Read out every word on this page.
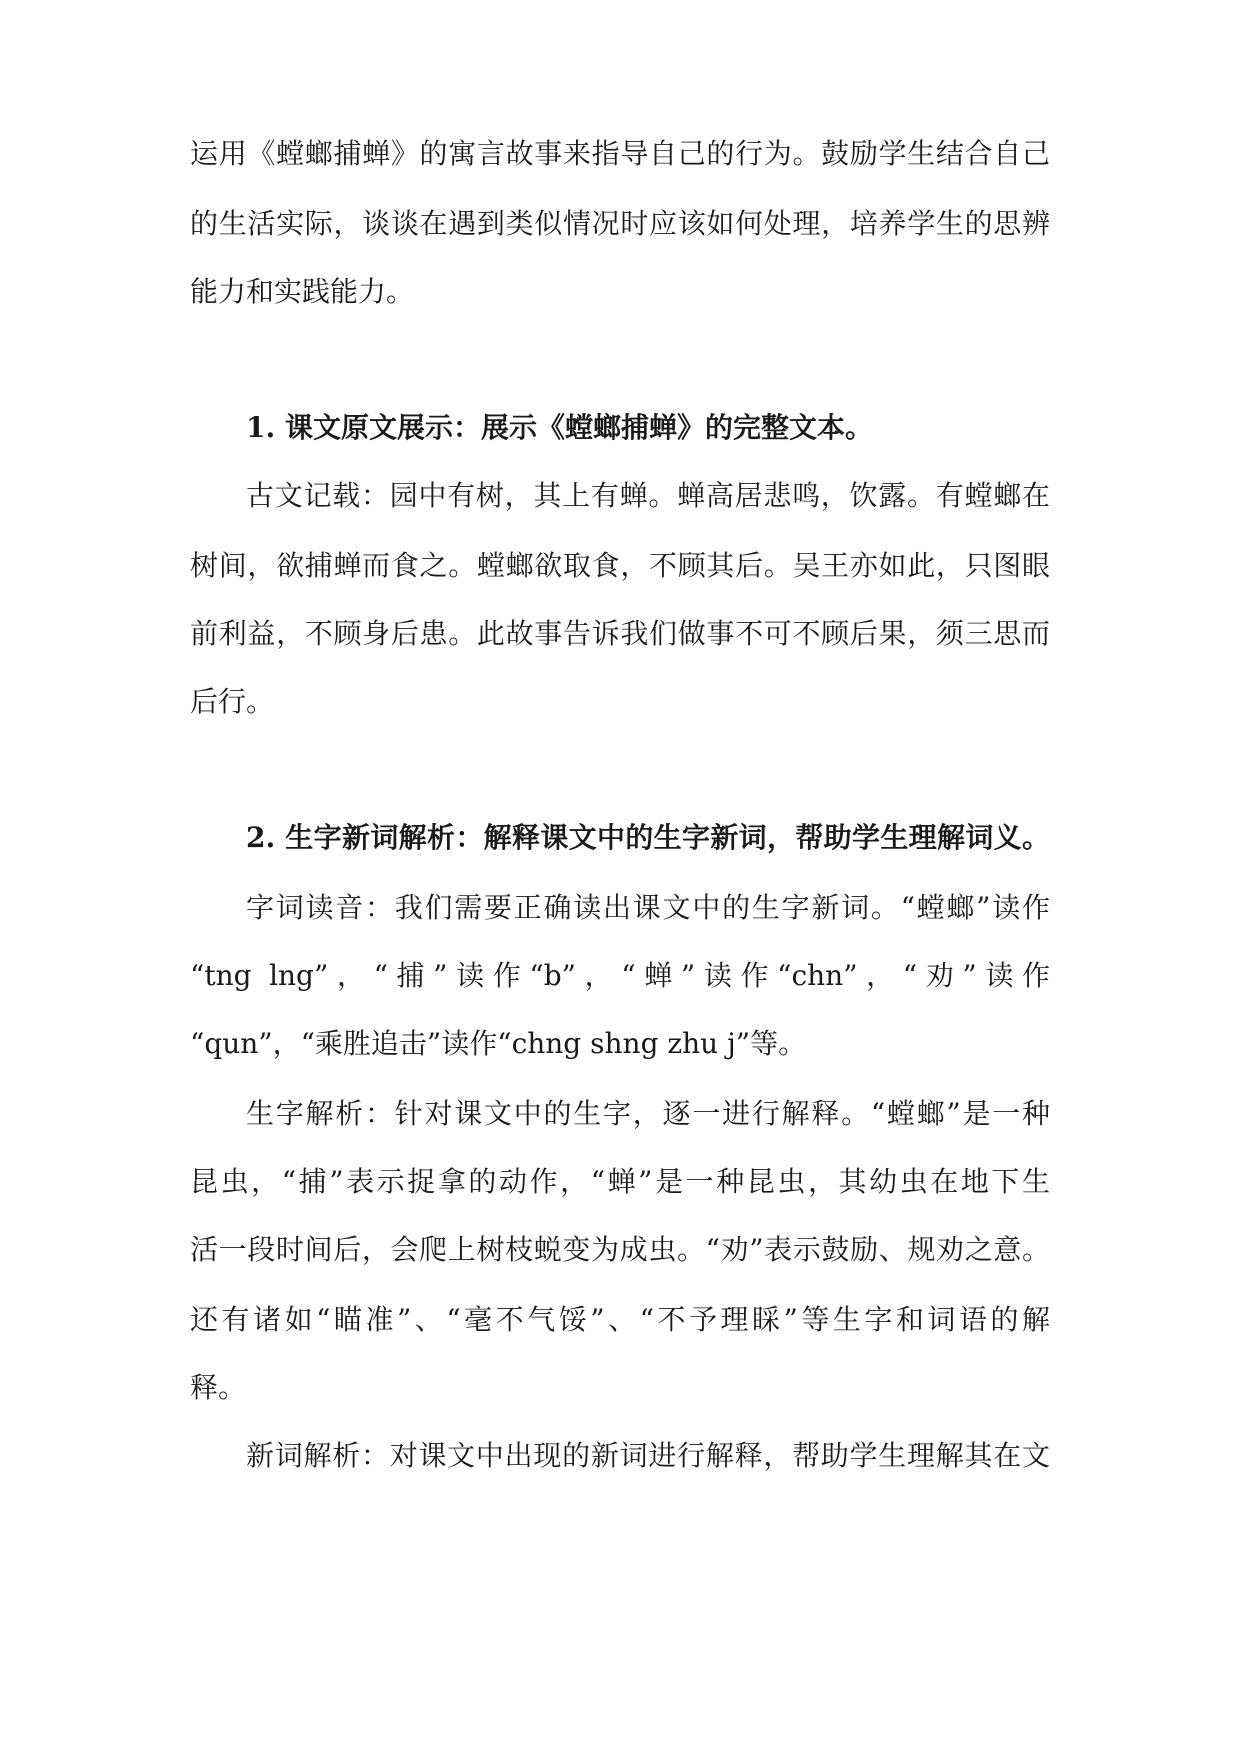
运用《螳螂捕蝉》的寓言故事来指导自己的行为。鼓励学生结合自己
的生活实际，谈谈在遇到类似情况时应该如何处理，培养学生的思辨
能力和实践能力。
1. 课文原文展示：展示《螳螂捕蝉》的完整文本。
古文记载：园中有树，其上有蝉。蝉高居悲鸣，饮露。有螳螂在
树间，欲捕蝉而食之。螳螂欲取食，不顾其后。吴王亦如此，只图眼
前利益，不顾身后患。此故事告诉我们做事不可不顾后果，须三思而
后行。
2. 生字新词解析：解释课文中的生字新词，帮助学生理解词义。
字词读音：我们需要正确读出课文中的生字新词。“螳螂”读作
“tng lng”，“捕”读作“b”，“蝉”读作“chn”，“劝”读作
“qun”，“乘胜追击”读作“chng shng zhu j”等。
生字解析：针对课文中的生字，逐一进行解释。“螳螂”是一种
昆虫，“捕”表示捉拿的动作，“蝉”是一种昆虫，其幼虫在地下生
活一段时间后，会爬上树枝蜕变为成虫。“劝”表示鼓励、规劝之意。
还有诸如“瞄准”、“毫不气馁”、“不予理睬”等生字和词语的解
释。
新词解析：对课文中出现的新词进行解释，帮助学生理解其在文
